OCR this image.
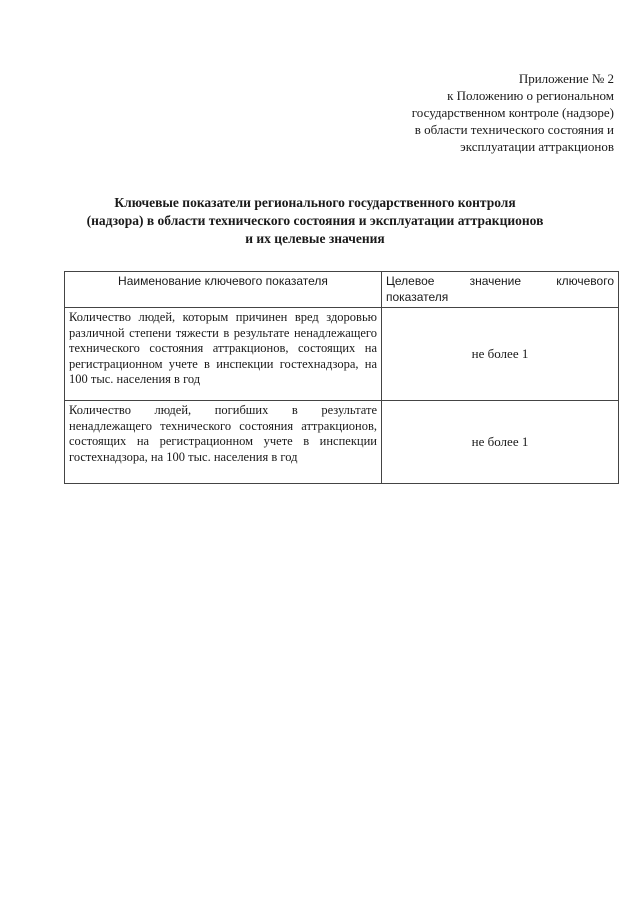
Приложение № 2
к Положению о региональном
государственном контроле (надзоре)
в области технического состояния и
эксплуатации аттракционов
Ключевые показатели регионального государственного контроля
(надзора) в области технического состояния и эксплуатации аттракционов
и их целевые значения
Наименование ключевого показателя	Целевое значение ключевого показателя
Количество людей, которым причинен вред здоровью различной степени тяжести в результате ненадлежащего технического состояния аттракционов, состоящих на регистрационном учете в инспекции гостехнадзора, на 100 тыс. населения в год	не более 1
Количество людей, погибших в результате ненадлежащего технического состояния аттракционов, состоящих на регистрационном учете в инспекции гостехнадзора, на 100 тыс. населения в год	не более 1
